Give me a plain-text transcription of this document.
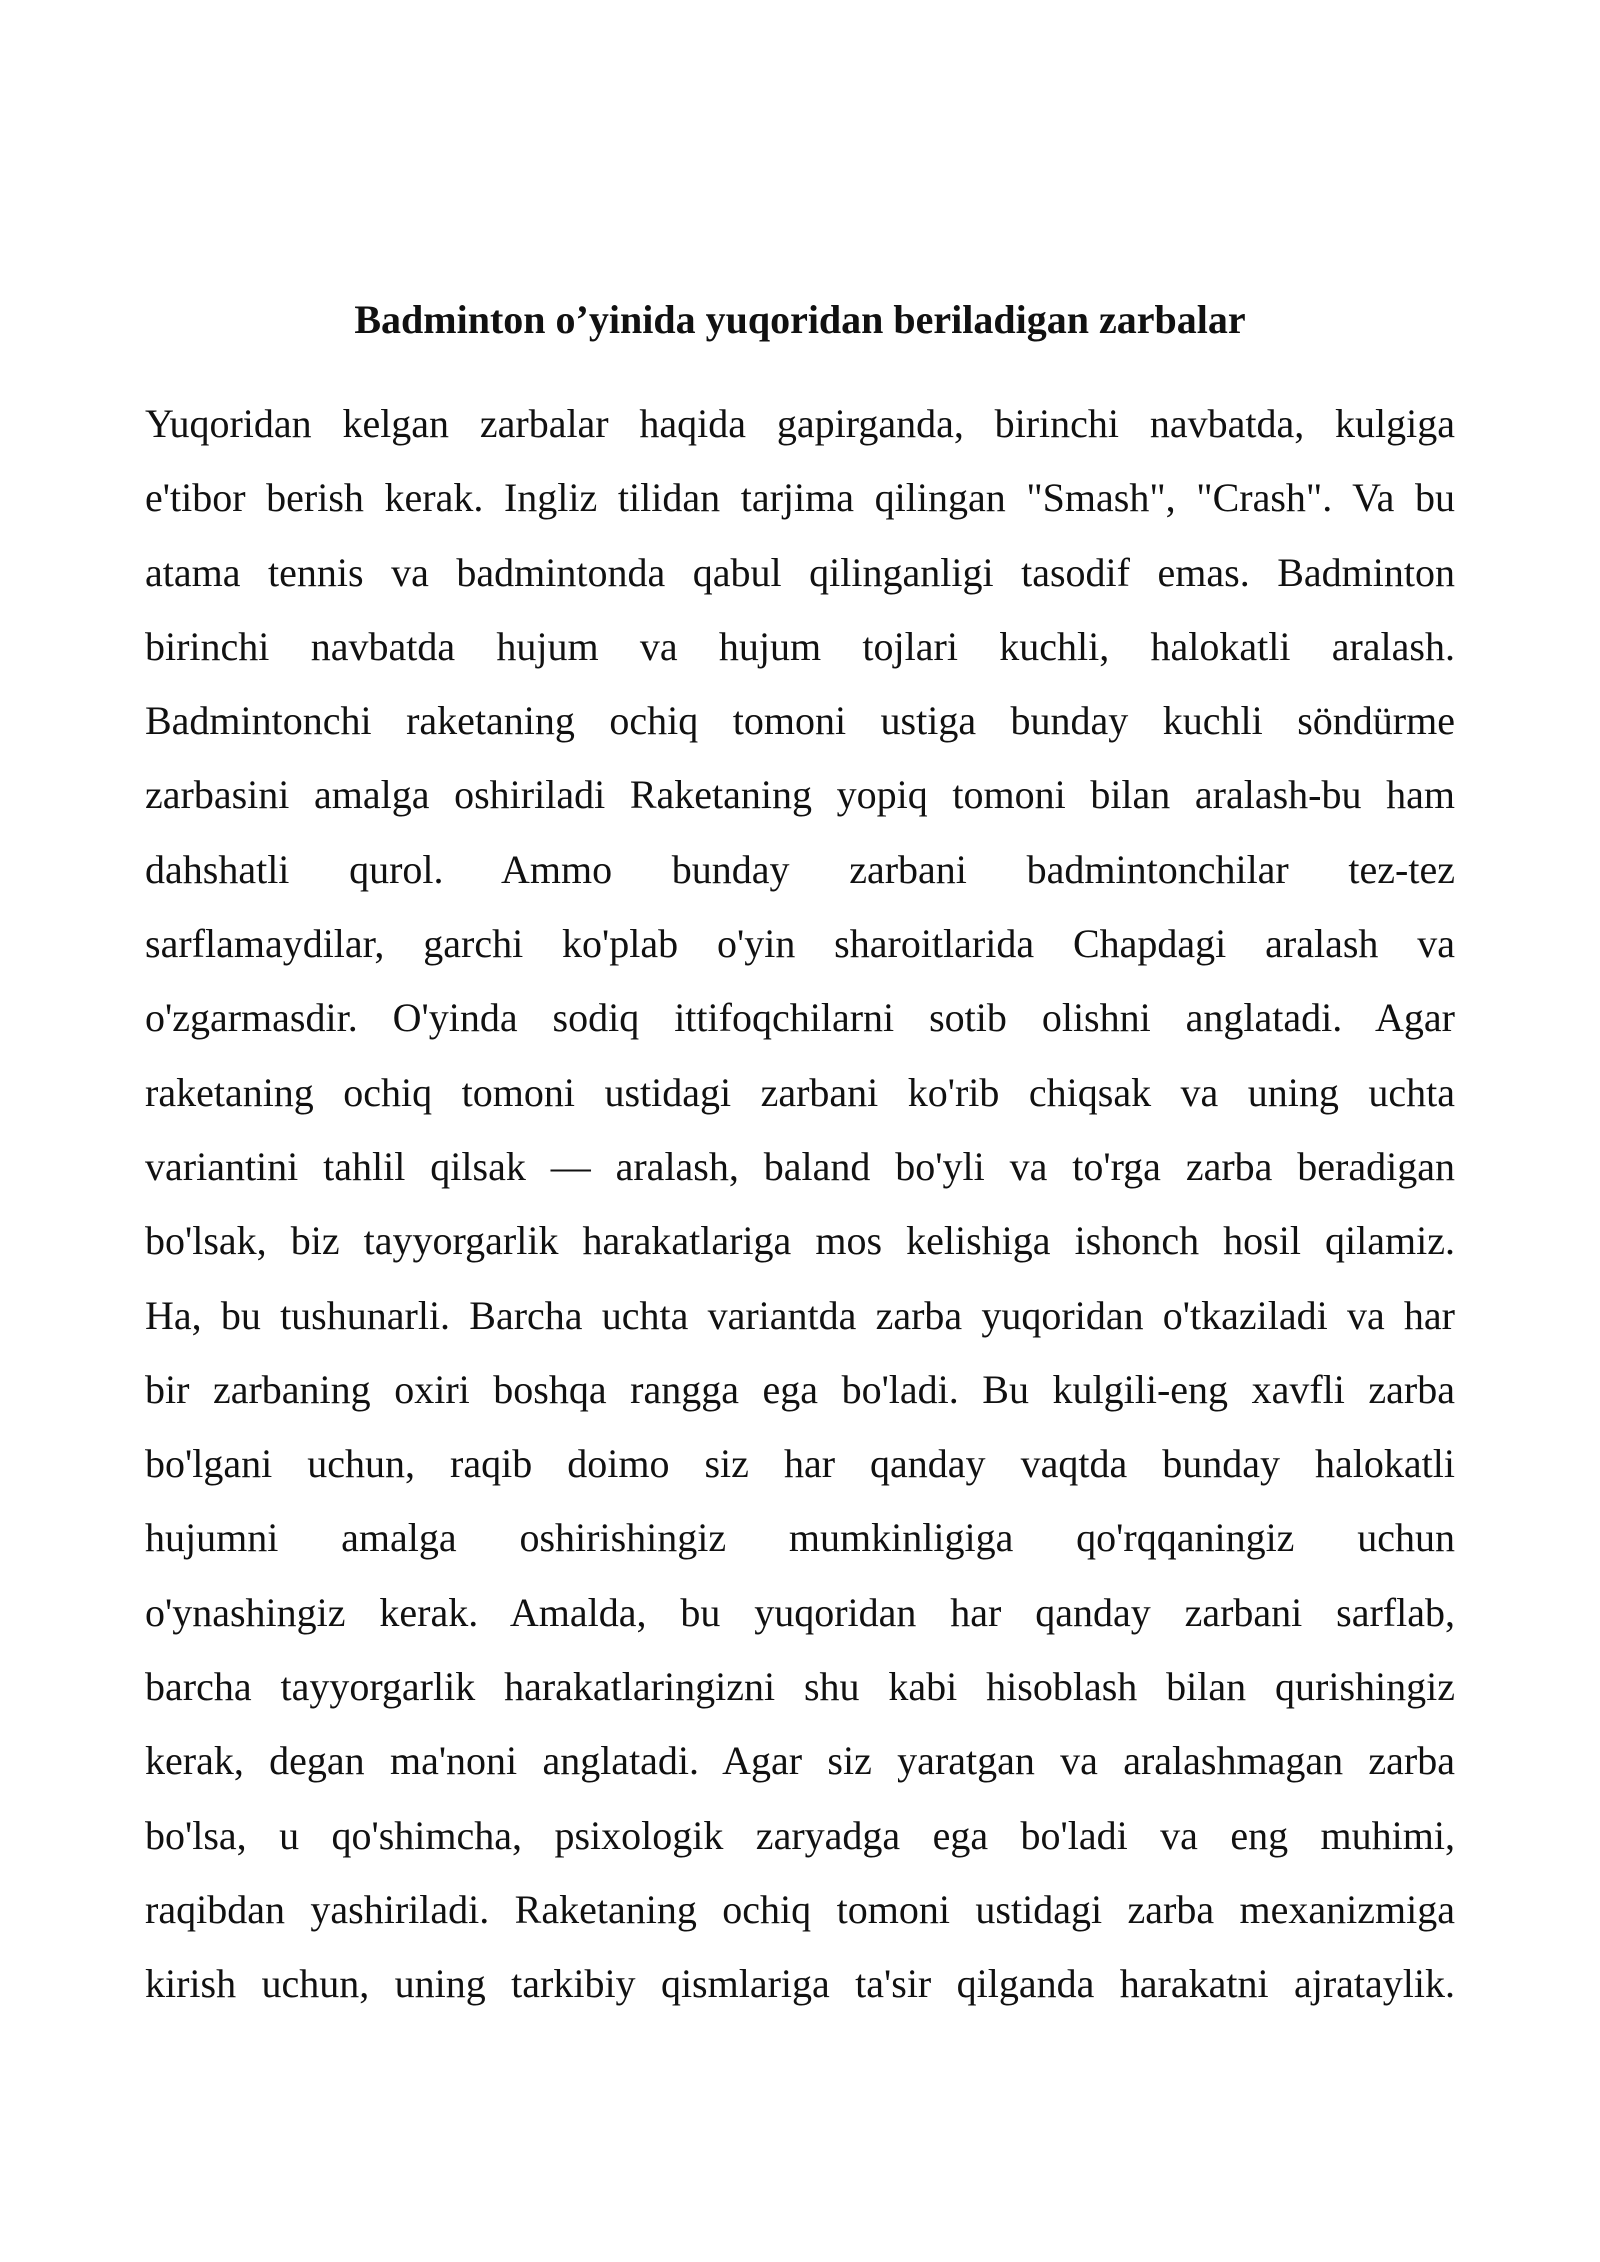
Badminton o’yinida yuqoridan beriladigan zarbalar
Yuqoridan kelgan zarbalar haqida gapirganda, birinchi navbatda, kulgiga
e'tibor berish kerak. Ingliz tilidan tarjima qilingan "Smash", "Crash". Va bu
atama tennis va badmintonda qabul qilinganligi tasodif emas. Badminton
birinchi navbatda hujum va hujum tojlari kuchli, halokatli aralash.
Badmintonchi raketaning ochiq tomoni ustiga bunday kuchli söndürme
zarbasini amalga oshiriladi Raketaning yopiq tomoni bilan aralash-bu ham
dahshatli qurol. Ammo bunday zarbani badmintonchilar tez-tez
sarflamaydilar, garchi ko'plab o'yin sharoitlarida Chapdagi aralash va
o'zgarmasdir. O'yinda sodiq ittifoqchilarni sotib olishni anglatadi. Agar
raketaning ochiq tomoni ustidagi zarbani ko'rib chiqsak va uning uchta
variantini tahlil qilsak — aralash, baland bo'yli va to'rga zarba beradigan
bo'lsak, biz tayyorgarlik harakatlariga mos kelishiga ishonch hosil qilamiz.
Ha, bu tushunarli. Barcha uchta variantda zarba yuqoridan o'tkaziladi va har
bir zarbaning oxiri boshqa rangga ega bo'ladi. Bu kulgili-eng xavfli zarba
bo'lgani uchun, raqib doimo siz har qanday vaqtda bunday halokatli
hujumni amalga oshirishingiz mumkinligiga qo'rqqaningiz uchun
o'ynashingiz kerak. Amalda, bu yuqoridan har qanday zarbani sarflab,
barcha tayyorgarlik harakatlaringizni shu kabi hisoblash bilan qurishingiz
kerak, degan ma'noni anglatadi. Agar siz yaratgan va aralashmagan zarba
bo'lsa, u qo'shimcha, psixologik zaryadga ega bo'ladi va eng muhimi,
raqibdan yashiriladi. Raketaning ochiq tomoni ustidagi zarba mexanizmiga
kirish uchun, uning tarkibiy qismlariga ta'sir qilganda harakatni ajrataylik.
